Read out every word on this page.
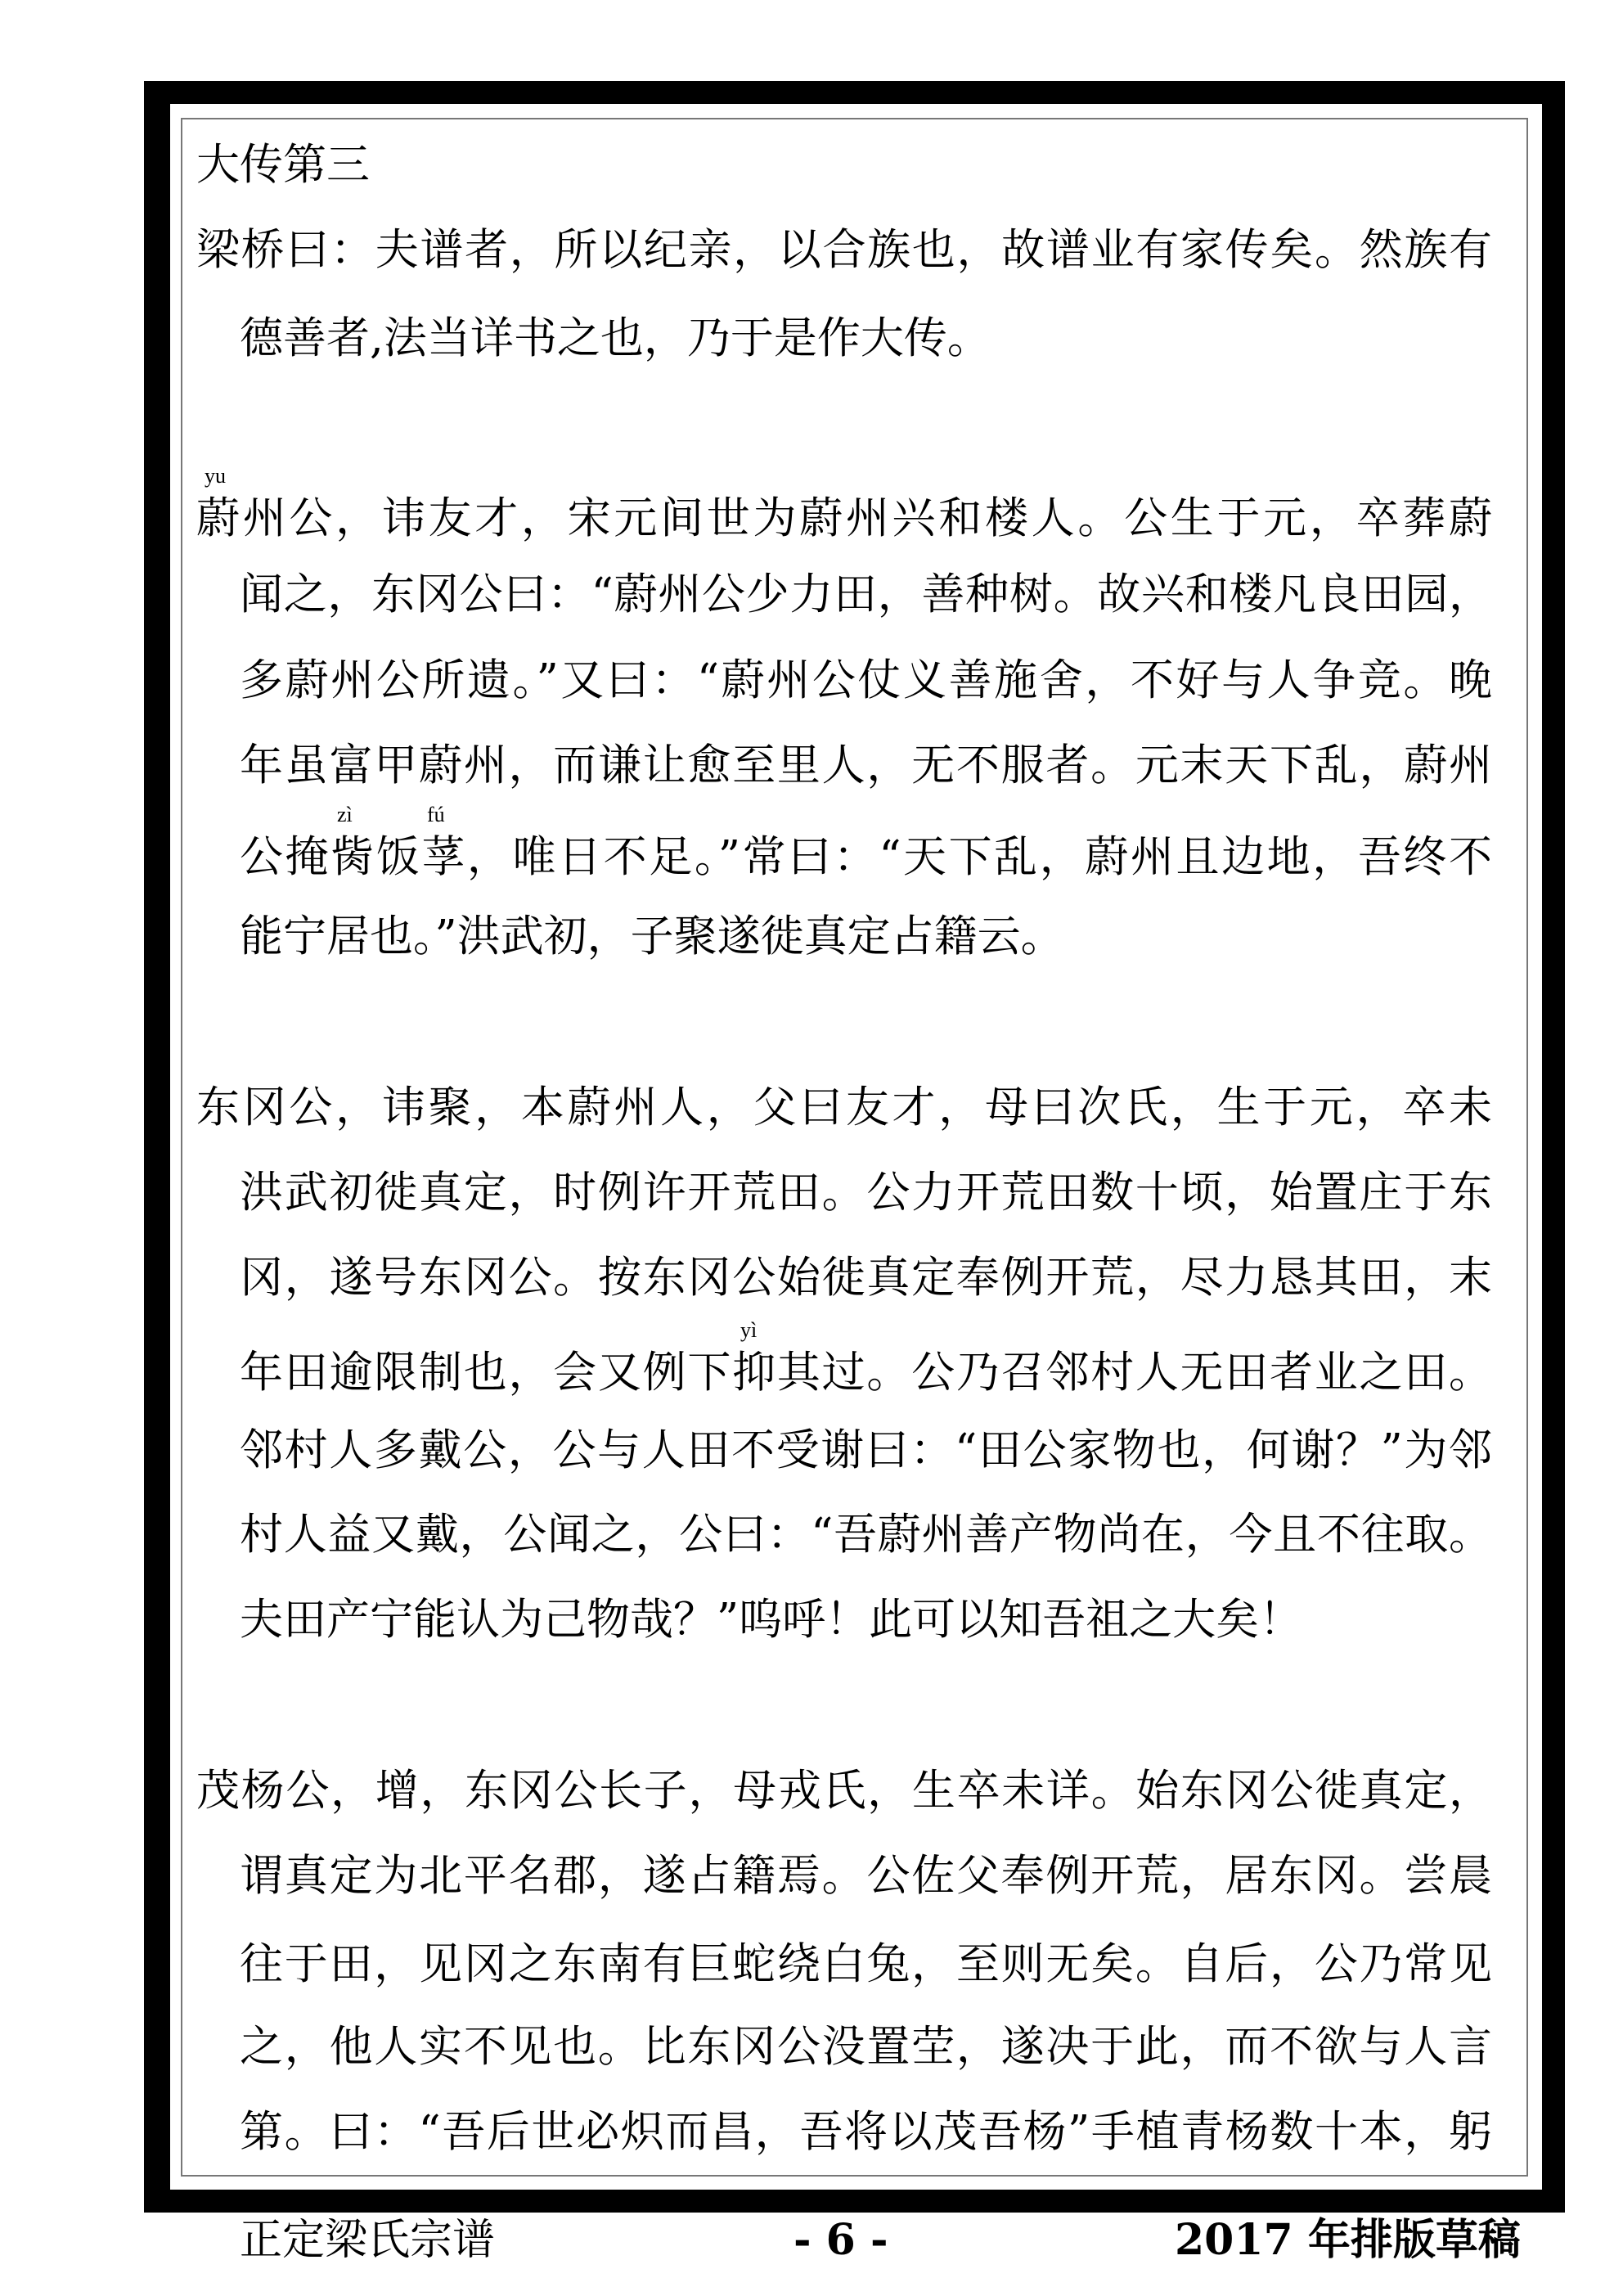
大传第三
梁桥曰：夫谱者，所以纪亲，以合族也，故谱业有家传矣。然族有
德善者,法当详书之也，乃于是作大传。
yu
蔚州公，讳友才，宋元间世为蔚州兴和楼人。公生于元，卒葬蔚
闻之，东冈公曰：“蔚州公少力田，善种树。故兴和楼凡良田园，
多蔚州公所遗。”又曰：“蔚州公仗义善施舍，不好与人争竞。晚
年虽富甲蔚州，而谦让愈至里人，无不服者。元末天下乱，蔚州
zì	fú
公掩胔饭莩，唯日不足。”常曰：“天下乱，蔚州且边地，吾终不
能宁居也。”洪武初，子聚遂徙真定占籍云。
东冈公，讳聚，本蔚州人，父曰友才，母曰次氏，生于元，卒未
洪武初徙真定，时例许开荒田。公力开荒田数十顷，始置庄于东
冈，遂号东冈公。按东冈公始徙真定奉例开荒，尽力恳其田，末
yì
年田逾限制也，会又例下抑其过。公乃召邻村人无田者业之田。
邻村人多戴公，公与人田不受谢曰：“田公家物也，何谢？”为邻
村人益又戴，公闻之，公曰：“吾蔚州善产物尚在，今且不往取。
夫田产宁能认为己物哉？”呜呼！此可以知吾祖之大矣！
茂杨公，增，东冈公长子，母戎氏，生卒未详。始东冈公徙真定，
谓真定为北平名郡，遂占籍焉。公佐父奉例开荒，居东冈。尝晨
往于田，见冈之东南有巨蛇绕白兔，至则无矣。自后，公乃常见
之，他人实不见也。比东冈公没置茔，遂决于此，而不欲与人言
第。曰：“吾后世必炽而昌，吾将以茂吾杨”手植青杨数十本，躬
正定梁氏宗谱	- 6 -	2017 年排版草稿
